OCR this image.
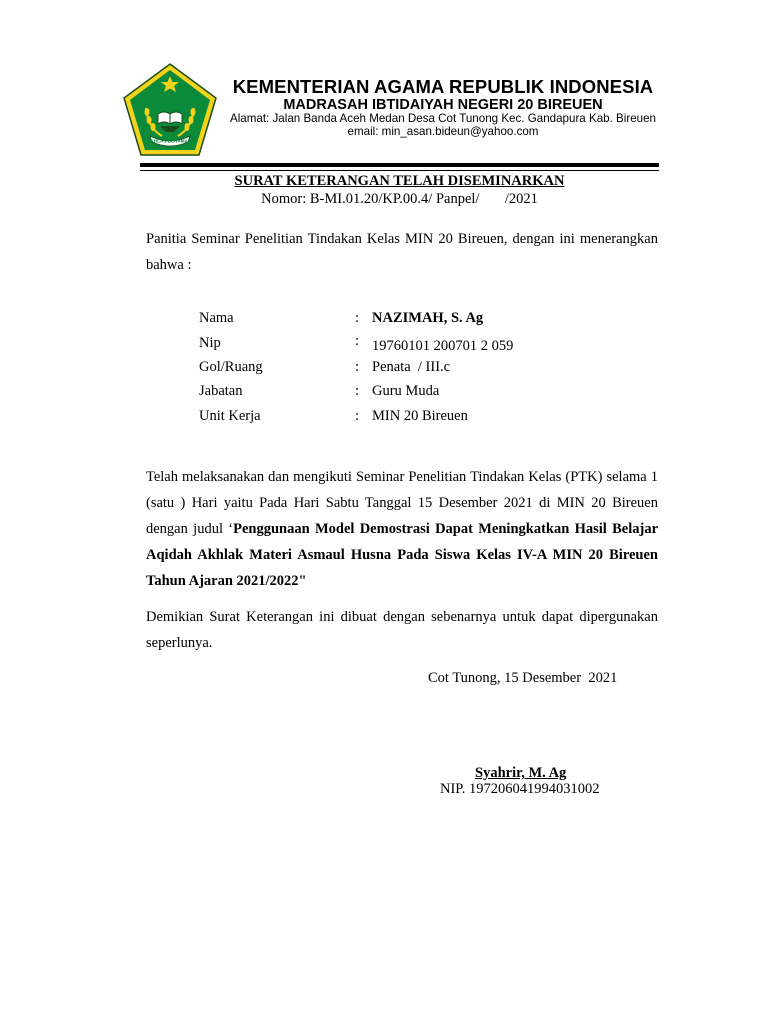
IKHLAS BERAMAL
KEMENTERIAN AGAMA REPUBLIK INDONESIA
MADRASAH IBTIDAIYAH NEGERI 20 BIREUEN
Alamat: Jalan Banda Aceh Medan Desa Cot Tunong Kec. Gandapura Kab. Bireuen
email: min_asan.bideun@yahoo.com
SURAT KETERANGAN TELAH DISEMINARKAN
Nomor: B-MI.01.20/KP.00.4/ Panpel/       /2021
Panitia Seminar Penelitian Tindakan Kelas MIN 20 Bireuen, dengan ini menerangkan bahwa :
Nama	: NAZIMAH, S. Ag
Nip	: 19760101 200701 2 059
Gol/Ruang	: Penata  / III.c
Jabatan	: Guru Muda
Unit Kerja	: MIN 20 Bireuen
Telah melaksanakan dan mengikuti Seminar Penelitian Tindakan Kelas (PTK) selama 1 (satu ) Hari yaitu Pada Hari Sabtu Tanggal 15 Desember 2021 di MIN 20 Bireuen dengan judul ‘Penggunaan Model Demostrasi Dapat Meningkatkan Hasil Belajar Aqidah Akhlak Materi Asmaul Husna Pada Siswa Kelas IV-A MIN 20 Bireuen Tahun Ajaran 2021/2022"
Demikian Surat Keterangan ini dibuat dengan sebenarnya untuk dapat dipergunakan seperlunya.
Cot Tunong, 15 Desember  2021
Syahrir, M. Ag
NIP. 197206041994031002
